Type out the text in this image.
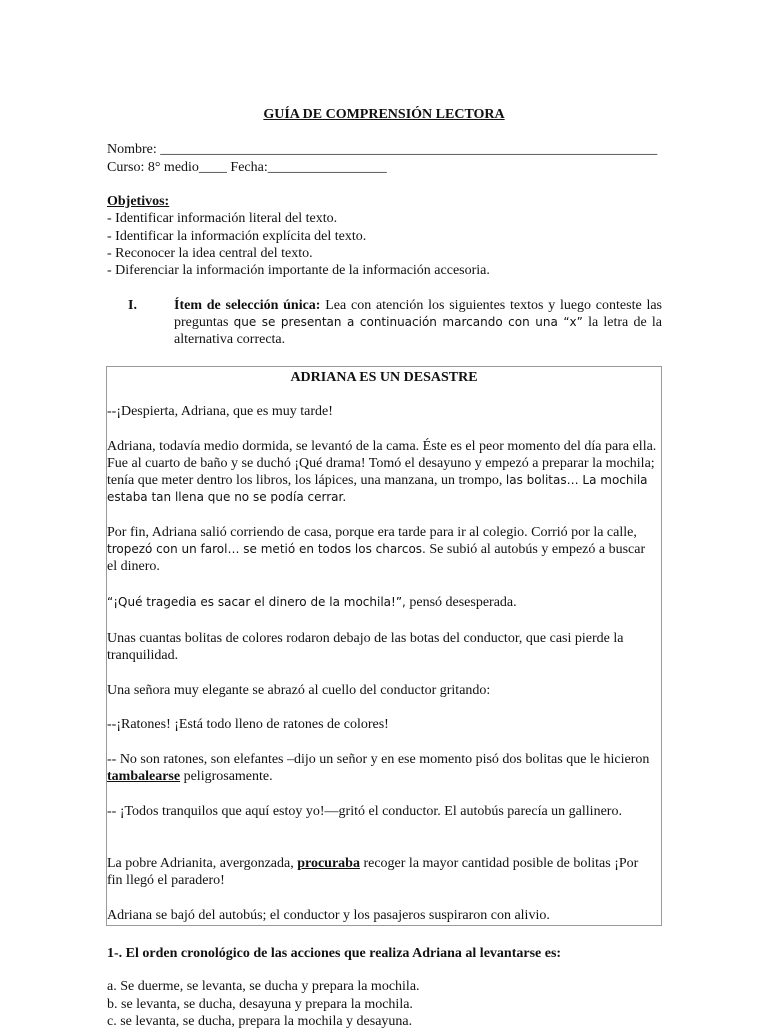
GUÍA DE COMPRENSIÓN LECTORA
Nombre: _______________________________________________________________________
Curso: 8° medio____ Fecha:_________________
Objetivos:
- Identificar información literal del texto.
- Identificar la información explícita del texto.
- Reconocer la idea central del texto.
- Diferenciar la información importante de la información accesoria.
I.	Ítem de selección única: Lea con atención los siguientes textos y luego conteste las preguntas que se presentan a continuación marcando con una “x” la letra de la alternativa correcta.
ADRIANA ES UN DESASTRE
--¡Despierta, Adriana, que es muy tarde!
Adriana, todavía medio dormida, se levantó de la cama. Éste es el peor momento del día para ella. Fue al cuarto de baño y se duchó ¡Qué drama! Tomó el desayuno y empezó a preparar la mochila; tenía que meter dentro los libros, los lápices, una manzana, un trompo, las bolitas… La mochila estaba tan llena que no se podía cerrar.
Por fin, Adriana salió corriendo de casa, porque era tarde para ir al colegio. Corrió por la calle, tropezó con un farol… se metió en todos los charcos. Se subió al autobús y empezó a buscar el dinero.
“¡Qué tragedia es sacar el dinero de la mochila!”, pensó desesperada.
Unas cuantas bolitas de colores rodaron debajo de las botas del conductor, que casi pierde la tranquilidad.
Una señora muy elegante se abrazó al cuello del conductor gritando:
--¡Ratones! ¡Está todo lleno de ratones de colores!
-- No son ratones, son elefantes –dijo un señor y en ese momento pisó dos bolitas que le hicieron tambalearse peligrosamente.
-- ¡Todos tranquilos que aquí estoy yo!—gritó el conductor. El autobús parecía un gallinero.
La pobre Adrianita, avergonzada, procuraba recoger la mayor cantidad posible de bolitas ¡Por fin llegó el paradero!
Adriana se bajó del autobús; el conductor y los pasajeros suspiraron con alivio.
1-. El orden cronológico de las acciones que realiza Adriana al levantarse es:
a. Se duerme, se levanta, se ducha y prepara la mochila.
b. se levanta, se ducha, desayuna y prepara la mochila.
c. se levanta, se ducha, prepara la mochila y desayuna.
